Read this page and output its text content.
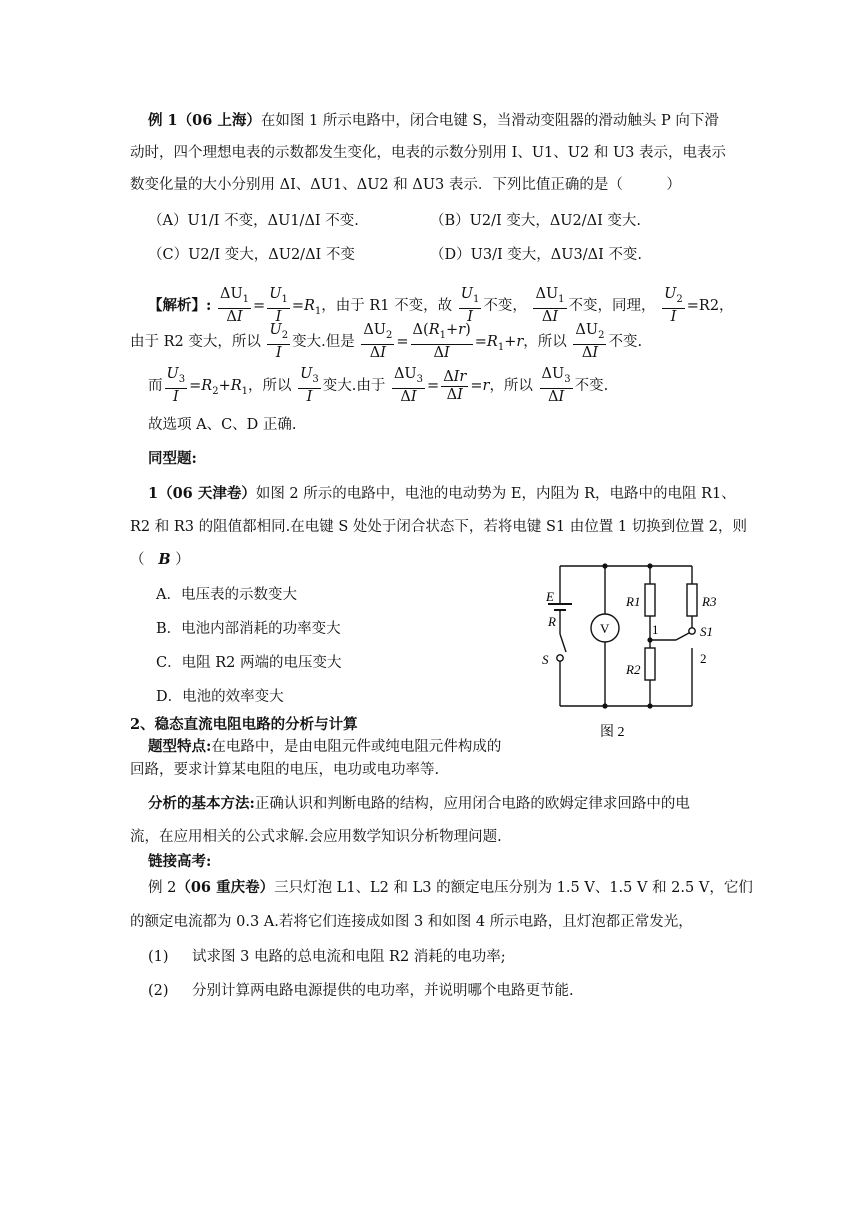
例 1（06 上海）在如图 1 所示电路中，闭合电键 S，当滑动变阻器的滑动触头 P 向下滑
动时，四个理想电表的示数都发生变化，电表的示数分别用 I、U1、U2 和 U3 表示，电表示
数变化量的大小分别用 ΔI、ΔU1、ΔU2 和 ΔU3 表示．下列比值正确的是（　　　）
（A）U1/I 不变，ΔU1/ΔI 不变.	（B）U2/I 变大，ΔU2/ΔI 变大.
（C）U2/I 变大，ΔU2/ΔI 不变	（D）U3/I 变大，ΔU3/ΔI 不变.
【解析】: $\frac{\Delta U_1}{\Delta I} = \frac{U_1}{I} =R_1$，由于 R1 不变，故 $\frac{U_1}{I}$ 不变， $\frac{\Delta U_1}{\Delta I}$ 不变，同理， $\frac{U_2}{I} =R2$，
由于 R2 变大，所以 $\frac{U_2}{I}$ 变大.但是 $\frac{\Delta U_2}{\Delta I} = \frac{\Delta(R_1+r)}{\Delta I} =R_1+r$，所以 $\frac{\Delta U_2}{\Delta I}$ 不变.
而 $\frac{U_3}{I} =R_2+R_1$，所以 $\frac{U_3}{I}$ 变大.由于 $\frac{\Delta U_3}{\Delta I} = \frac{\text{ΔIr}}{\Delta I} =r$，所以 $\frac{\Delta U_3}{\Delta I}$ 不变.
故选项 A、C、D 正确.
同型题:
1（06 天津卷）如图 2 所示的电路中，电池的电动势为 E，内阻为 R，电路中的电阻 R1、
R2 和 R3 的阻值都相同.在电键 S 处处于闭合状态下，若将电键 S1 由位置 1 切换到位置 2，则
（ B ）
A．电压表的示数变大
B．电池内部消耗的功率变大
C．电阻 R2 两端的电压变大
D．电池的效率变大
E
R
S
V
R1
R2
R3
S1
1
2
图 2
2、稳态直流电阻电路的分析与计算
题型特点:在电路中，是由电阻元件或纯电阻元件构成的
回路，要求计算某电阻的电压，电功或电功率等.
分析的基本方法:正确认识和判断电路的结构，应用闭合电路的欧姆定律求回路中的电
流，在应用相关的公式求解.会应用数学知识分析物理问题.
链接高考:
例 2（06 重庆卷）三只灯泡 L1、L2 和 L3 的额定电压分别为 1.5 V、1.5 V 和 2.5 V，它们
的额定电流都为 0.3 A.若将它们连接成如图 3 和如图 4 所示电路，且灯泡都正常发光，
(1) 试求图 3 电路的总电流和电阻 R2 消耗的电功率;
(2) 分别计算两电路电源提供的电功率，并说明哪个电路更节能.
